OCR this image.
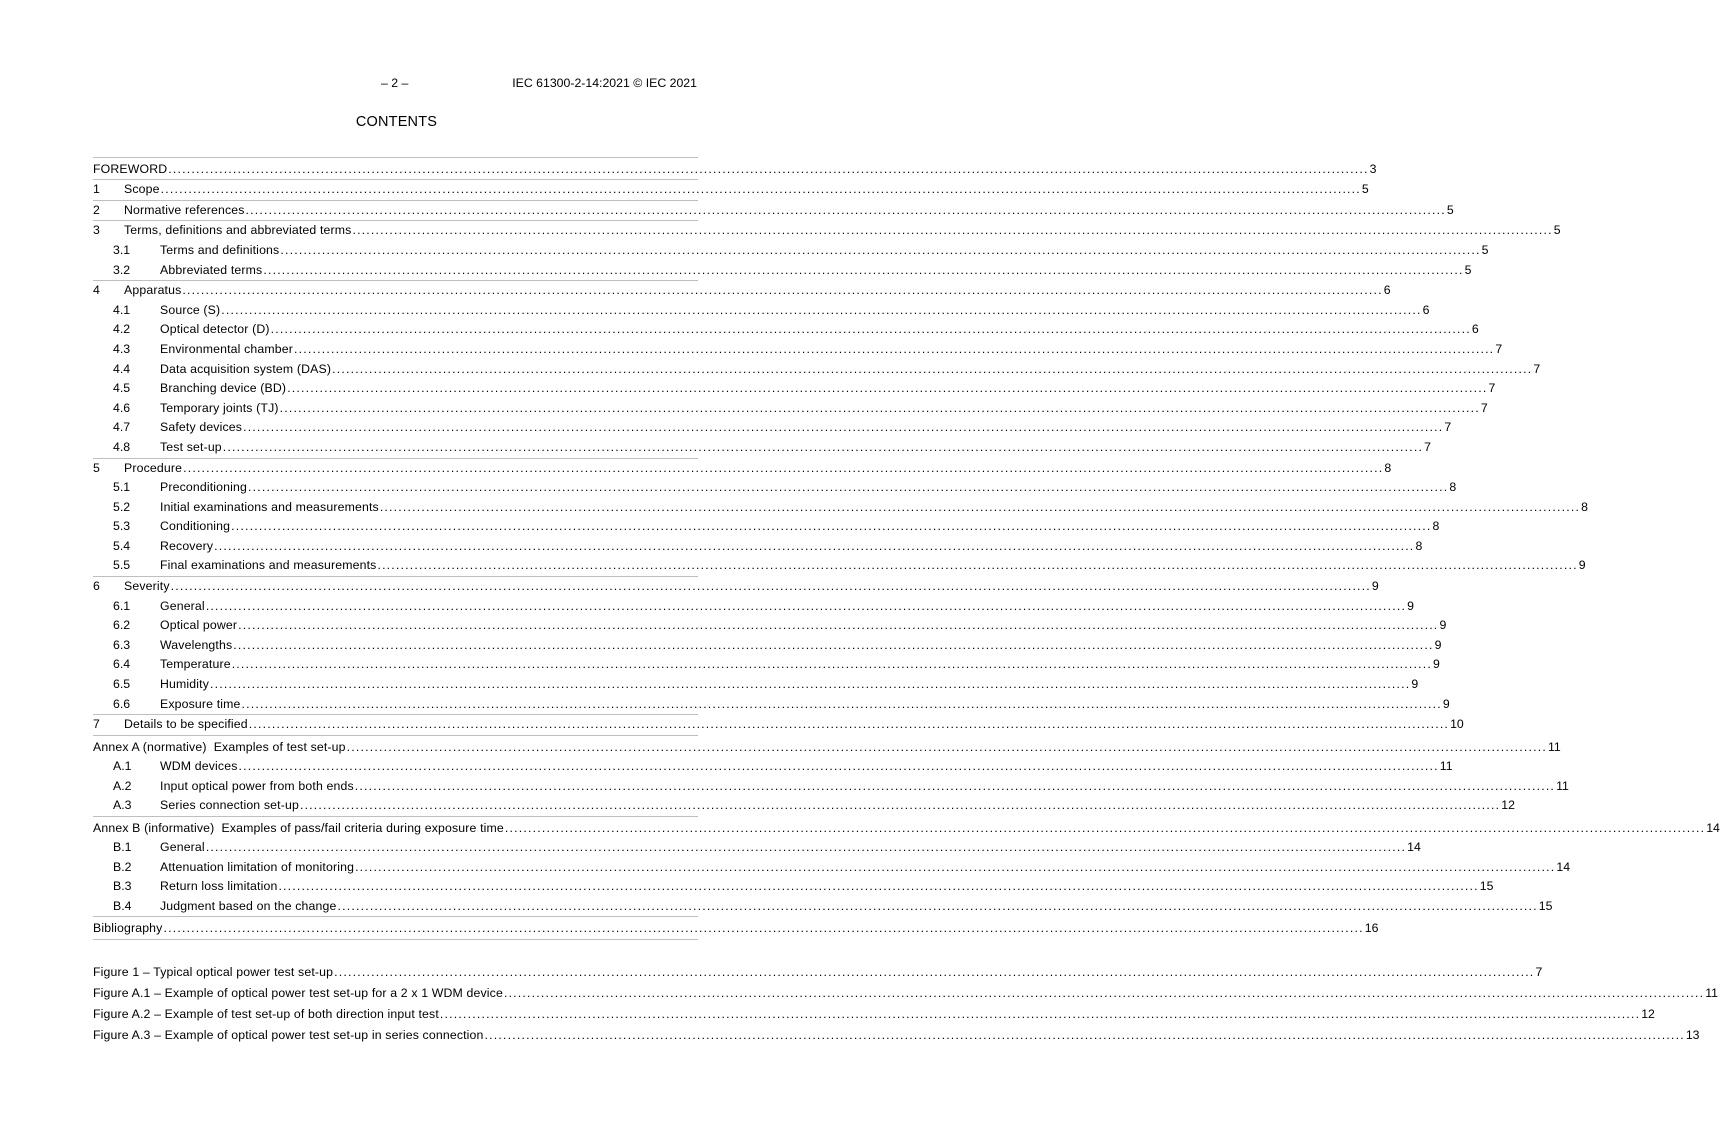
– 2 –	IEC 61300-2-14:2021 © IEC 2021
CONTENTS
FOREWORD .................................................................................................................................................................................................................................................................... 3
1	Scope .................................................................................................................................................................................................................................................................... 5
2	Normative references .................................................................................................................................................................................................................................................................... 5
3	Terms, definitions and abbreviated terms .................................................................................................................................................................................................................................................................... 5
3.1	Terms and definitions .................................................................................................................................................................................................................................................................... 5
3.2	Abbreviated terms .................................................................................................................................................................................................................................................................... 5
4	Apparatus .................................................................................................................................................................................................................................................................... 6
4.1	Source (S) .................................................................................................................................................................................................................................................................... 6
4.2	Optical detector (D) .................................................................................................................................................................................................................................................................... 6
4.3	Environmental chamber .................................................................................................................................................................................................................................................................... 7
4.4	Data acquisition system (DAS) .................................................................................................................................................................................................................................................................... 7
4.5	Branching device (BD) .................................................................................................................................................................................................................................................................... 7
4.6	Temporary joints (TJ) .................................................................................................................................................................................................................................................................... 7
4.7	Safety devices .................................................................................................................................................................................................................................................................... 7
4.8	Test set-up .................................................................................................................................................................................................................................................................... 7
5	Procedure .................................................................................................................................................................................................................................................................... 8
5.1	Preconditioning .................................................................................................................................................................................................................................................................... 8
5.2	Initial examinations and measurements .................................................................................................................................................................................................................................................................... 8
5.3	Conditioning .................................................................................................................................................................................................................................................................... 8
5.4	Recovery .................................................................................................................................................................................................................................................................... 8
5.5	Final examinations and measurements .................................................................................................................................................................................................................................................................... 9
6	Severity .................................................................................................................................................................................................................................................................... 9
6.1	General .................................................................................................................................................................................................................................................................... 9
6.2	Optical power .................................................................................................................................................................................................................................................................... 9
6.3	Wavelengths .................................................................................................................................................................................................................................................................... 9
6.4	Temperature .................................................................................................................................................................................................................................................................... 9
6.5	Humidity .................................................................................................................................................................................................................................................................... 9
6.6	Exposure time .................................................................................................................................................................................................................................................................... 9
7	Details to be specified .................................................................................................................................................................................................................................................................... 10
Annex A (normative)  Examples of test set-up .................................................................................................................................................................................................................................................................... 11
A.1	WDM devices .................................................................................................................................................................................................................................................................... 11
A.2	Input optical power from both ends .................................................................................................................................................................................................................................................................... 11
A.3	Series connection set-up .................................................................................................................................................................................................................................................................... 12
Annex B (informative)  Examples of pass/fail criteria during exposure time .................................................................................................................................................................................................................................................................... 14
B.1	General .................................................................................................................................................................................................................................................................... 14
B.2	Attenuation limitation of monitoring .................................................................................................................................................................................................................................................................... 14
B.3	Return loss limitation .................................................................................................................................................................................................................................................................... 15
B.4	Judgment based on the change .................................................................................................................................................................................................................................................................... 15
Bibliography .................................................................................................................................................................................................................................................................... 16
Figure 1 – Typical optical power test set-up .................................................................................................................................................................................................................................................................... 7
Figure A.1 – Example of optical power test set-up for a 2 x 1 WDM device .................................................................................................................................................................................................................................................................... 11
Figure A.2 – Example of test set-up of both direction input test .................................................................................................................................................................................................................................................................... 12
Figure A.3 – Example of optical power test set-up in series connection .................................................................................................................................................................................................................................................................... 13
